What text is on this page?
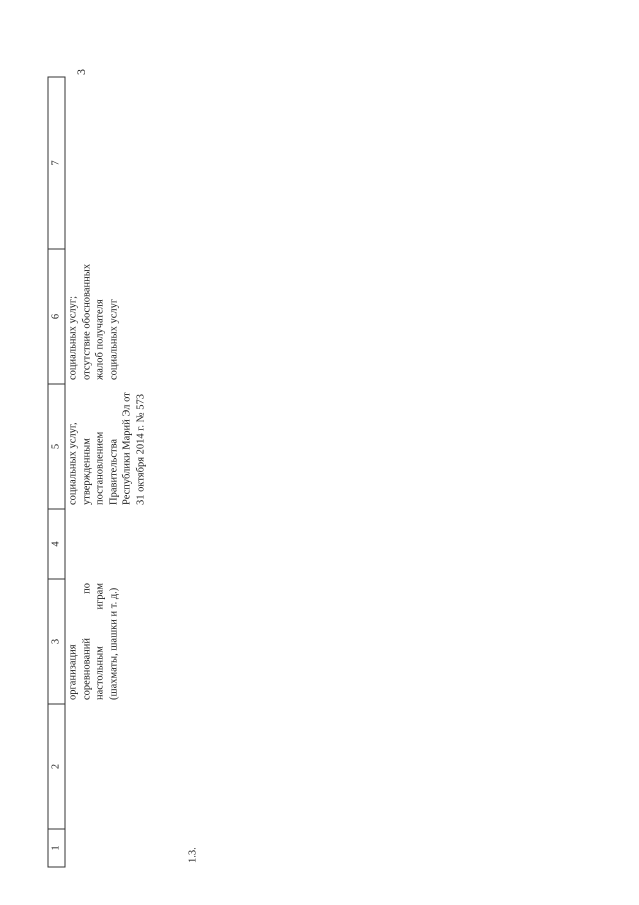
3
1	2	3	4	5	6	7
		организация соревнований по настольным играм (шахматы, шашки и т. д.)		социальных услуг, утвержденным постановлением Правительства Республики Марий Эл от 31 октября 2014 г. № 573	социальных услуг; отсутствие обоснованных жалоб получателя социальных услуг	
1.3.						
